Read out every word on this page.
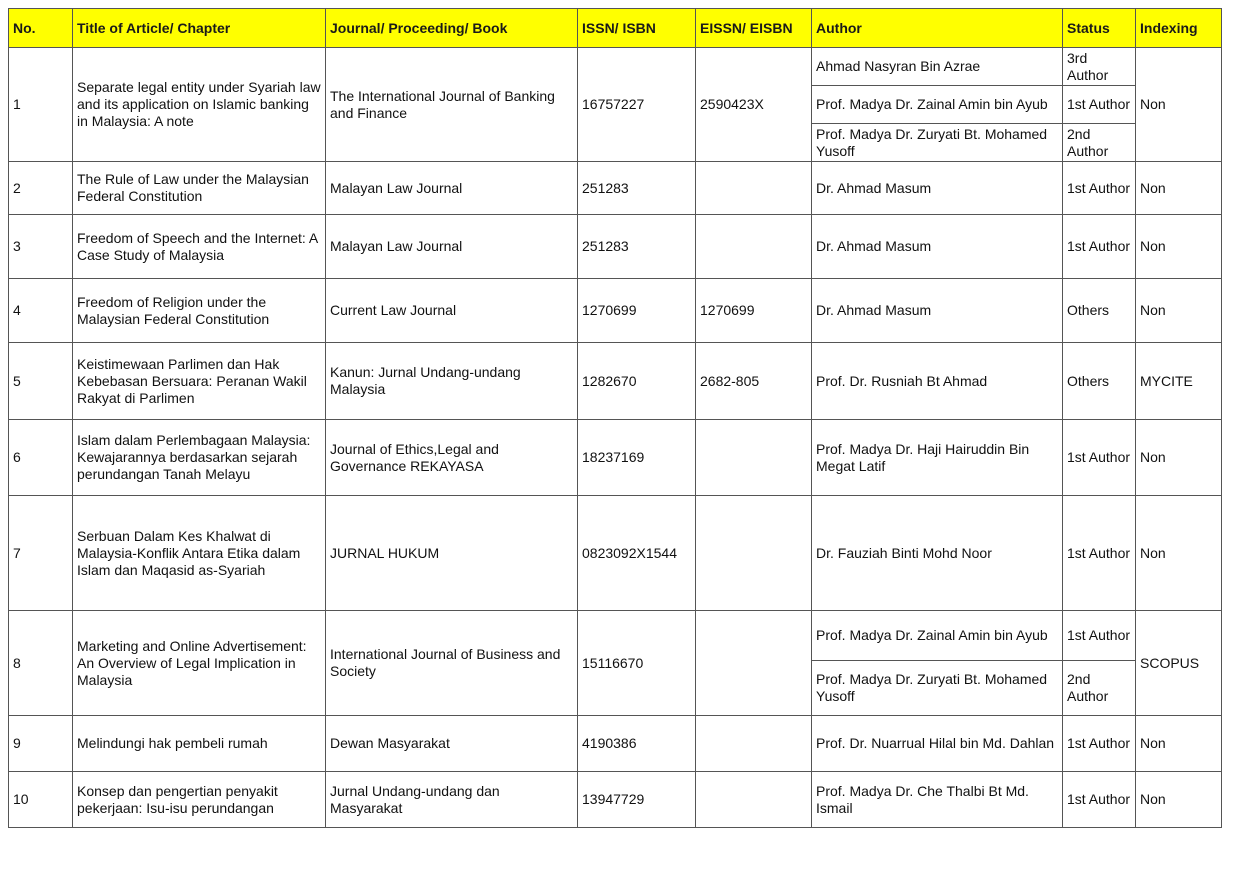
No.	Title of Article/ Chapter	Journal/ Proceeding/ Book	ISSN/ ISBN	EISSN/ EISBN	Author	Status	Indexing
1	Separate legal entity under Syariah law and its application on Islamic banking in Malaysia: A note	The International Journal of Banking and Finance	16757227	2590423X	Ahmad Nasyran Bin Azrae	3rd Author	Non
					Prof. Madya Dr. Zainal Amin bin Ayub	1st Author	
					Prof. Madya Dr. Zuryati Bt. Mohamed Yusoff	2nd Author	
2	The Rule of Law under the Malaysian Federal Constitution	Malayan Law Journal	251283		Dr. Ahmad Masum	1st Author	Non
3	Freedom of Speech and the Internet: A Case Study of Malaysia	Malayan Law Journal	251283		Dr. Ahmad Masum	1st Author	Non
4	Freedom of Religion under the Malaysian Federal Constitution	Current Law Journal	1270699	1270699	Dr. Ahmad Masum	Others	Non
5	Keistimewaan Parlimen dan Hak Kebebasan Bersuara: Peranan Wakil Rakyat di Parlimen	Kanun: Jurnal Undang-undang Malaysia	1282670	2682-805	Prof. Dr. Rusniah Bt Ahmad	Others	MYCITE
6	Islam dalam Perlembagaan Malaysia: Kewajarannya berdasarkan sejarah perundangan Tanah Melayu	Journal of Ethics,Legal and Governance REKAYASA	18237169		Prof. Madya Dr. Haji Hairuddin Bin Megat Latif	1st Author	Non
7	Serbuan Dalam Kes Khalwat di Malaysia-Konflik Antara Etika dalam Islam dan Maqasid as-Syariah	JURNAL HUKUM	0823092X1544		Dr. Fauziah Binti Mohd Noor	1st Author	Non
8	Marketing and Online Advertisement: An Overview of Legal Implication in Malaysia	International Journal of Business and Society	15116670		Prof. Madya Dr. Zainal Amin bin Ayub	1st Author	SCOPUS
					Prof. Madya Dr. Zuryati Bt. Mohamed Yusoff	2nd Author	
9	Melindungi hak pembeli rumah	Dewan Masyarakat	4190386		Prof. Dr. Nuarrual Hilal bin Md. Dahlan	1st Author	Non
10	Konsep dan pengertian penyakit pekerjaan: Isu-isu perundangan	Jurnal Undang-undang dan Masyarakat	13947729		Prof. Madya Dr. Che Thalbi Bt Md. Ismail	1st Author	Non
